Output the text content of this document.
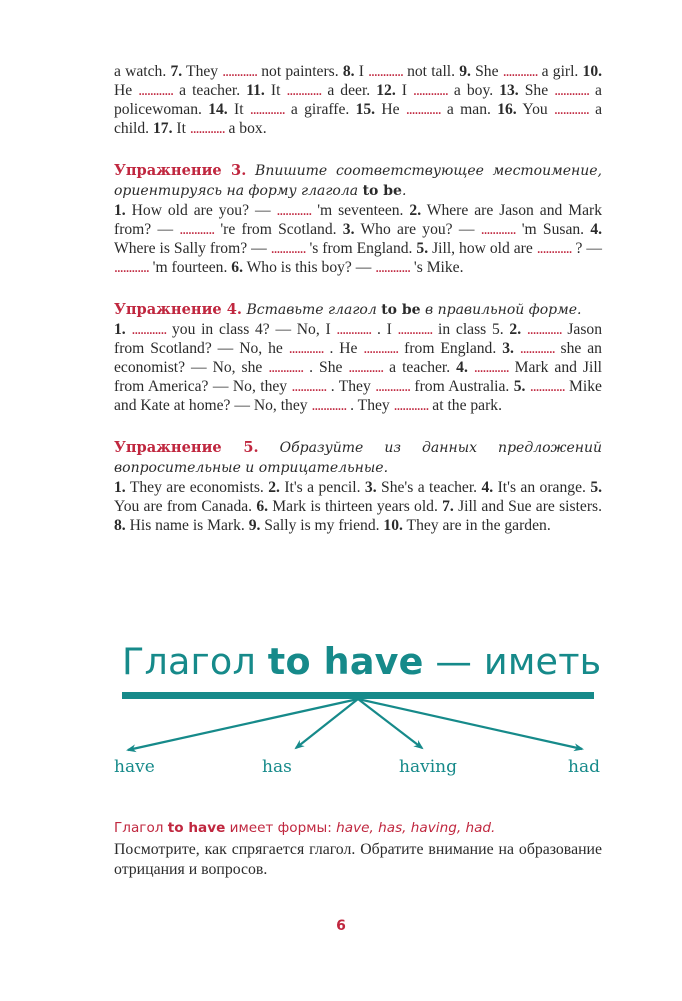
a watch. 7. They ............ not painters. 8. I ............ not tall. 9. She ............ a girl. 10. He ............ a teacher. 11. It ............ a deer. 12. I ............ a boy. 13. She ............ a policewoman. 14. It ............ a giraffe. 15. He ............ a man. 16. You ............ a child. 17. It ............ a box.

Упражнение 3. Впишите соответствующее местоимение, ориентируясь на форму глагола to be.

1. How old are you? — ............ 'm seventeen. 2. Where are Jason and Mark from? — ............ 're from Scotland. 3. Who are you? — ............ 'm Susan. 4. Where is Sally from? — ............ 's from England. 5. Jill, how old are ............ ? — ............ 'm fourteen. 6. Who is this boy? — ............ 's Mike.

Упражнение 4. Вставьте глагол to be в правильной форме.

1. ............ you in class 4? — No, I ............ . I ............ in class 5. 2. ............ Jason from Scotland? — No, he ............ . He ............ from England. 3. ............ she an economist? — No, she ............ . She ............ a teacher. 4. ............ Mark and Jill from America? — No, they ............ . They ............ from Australia. 5. ............ Mike and Kate at home? — No, they ............ . They ............ at the park.

Упражнение 5. Образуйте из данных предложений вопросительные и отрицательные.

1. They are economists. 2. It's a pencil. 3. She's a teacher. 4. It's an orange. 5. You are from Canada. 6. Mark is thirteen years old. 7. Jill and Sue are sisters. 8. His name is Mark. 9. Sally is my friend. 10. They are in the garden.

Глагол to have — иметь

have	has	having	had

Глагол to have имеет формы: have, has, having, had.

Посмотрите, как спрягается глагол. Обратите внимание на образование отрицания и вопросов.

6
